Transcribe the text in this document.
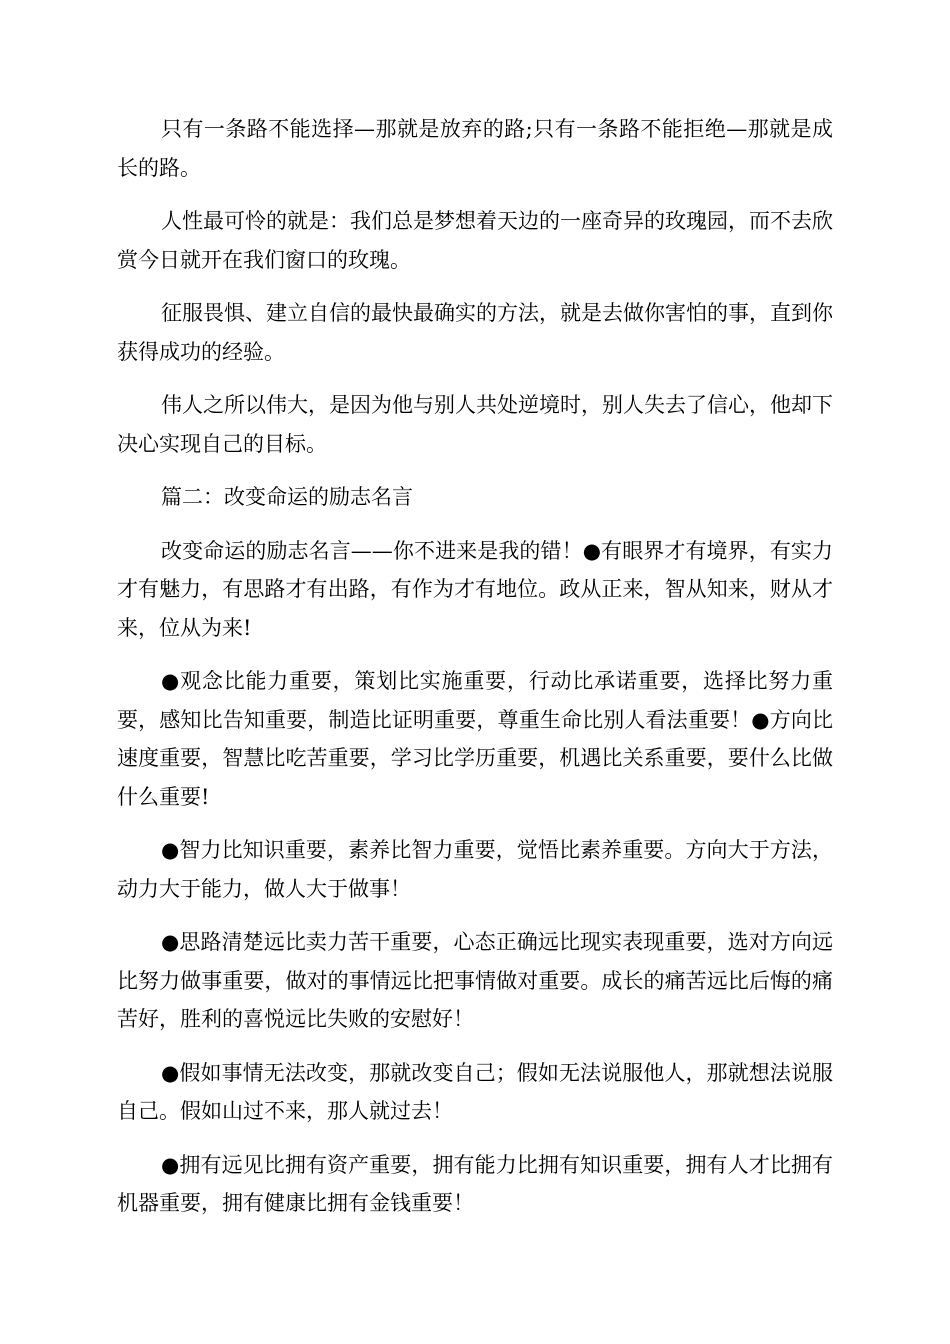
只有一条路不能选择—那就是放弃的路;只有一条路不能拒绝—那就是成长的路。

人性最可怜的就是：我们总是梦想着天边的一座奇异的玫瑰园，而不去欣赏今日就开在我们窗口的玫瑰。

征服畏惧、建立自信的最快最确实的方法，就是去做你害怕的事，直到你获得成功的经验。

伟人之所以伟大，是因为他与别人共处逆境时，别人失去了信心，他却下决心实现自己的目标。

篇二：改变命运的励志名言

改变命运的励志名言——你不进来是我的错！●有眼界才有境界，有实力才有魅力，有思路才有出路，有作为才有地位。政从正来，智从知来，财从才来，位从为来!

●观念比能力重要，策划比实施重要，行动比承诺重要，选择比努力重要，感知比告知重要，制造比证明重要，尊重生命比别人看法重要！●方向比速度重要，智慧比吃苦重要，学习比学历重要，机遇比关系重要，要什么比做什么重要!

●智力比知识重要，素养比智力重要，觉悟比素养重要。方向大于方法，动力大于能力，做人大于做事！

●思路清楚远比卖力苦干重要，心态正确远比现实表现重要，选对方向远比努力做事重要，做对的事情远比把事情做对重要。成长的痛苦远比后悔的痛苦好，胜利的喜悦远比失败的安慰好！

●假如事情无法改变，那就改变自己；假如无法说服他人，那就想法说服自己。假如山过不来，那人就过去！

●拥有远见比拥有资产重要，拥有能力比拥有知识重要，拥有人才比拥有机器重要，拥有健康比拥有金钱重要！
